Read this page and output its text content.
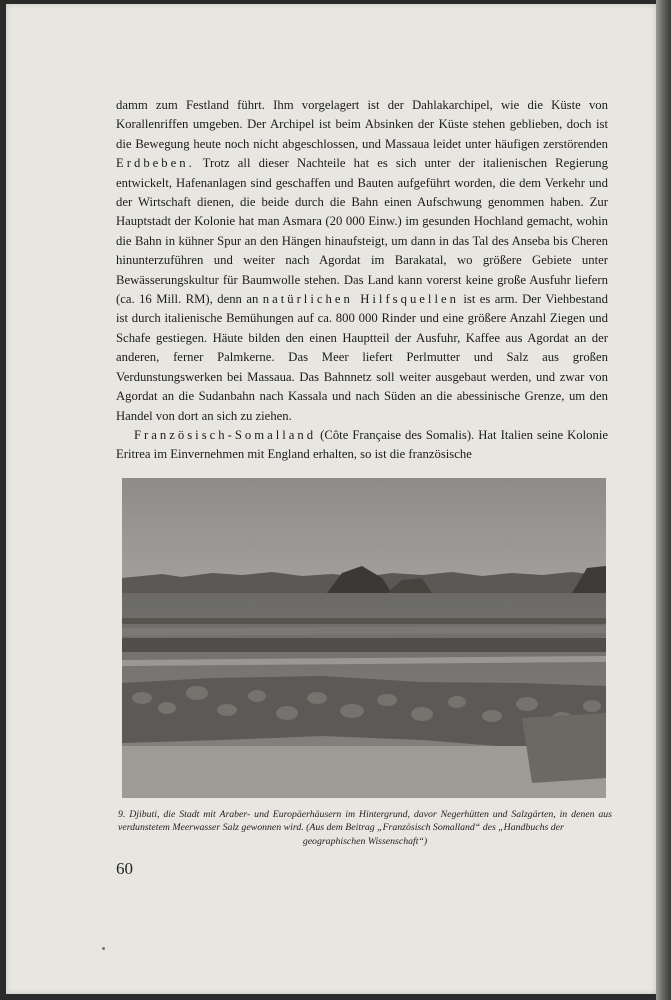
damm zum Festland führt. Ihm vorgelagert ist der Dahlakarchipel, wie die Küste von Korallenriffen umgeben. Der Archipel ist beim Absinken der Küste stehen geblieben, doch ist die Bewegung heute noch nicht abgeschlossen, und Massaua leidet unter häufigen zerstörenden Erdbeben. Trotz all dieser Nachteile hat es sich unter der italienischen Regierung entwickelt, Hafenanlagen sind geschaffen und Bauten aufgeführt worden, die dem Verkehr und der Wirtschaft dienen, die beide durch die Bahn einen Aufschwung genommen haben. Zur Hauptstadt der Kolonie hat man Asmara (20 000 Einw.) im gesunden Hochland gemacht, wohin die Bahn in kühner Spur an den Hängen hinaufsteigt, um dann in das Tal des Anseba bis Cheren hinunterzuführen und weiter nach Agordat im Barakatal, wo größere Gebiete unter Bewässerungskultur für Baumwolle stehen. Das Land kann vorerst keine große Ausfuhr liefern (ca. 16 Mill. RM), denn an natürlichen Hilfsquellen ist es arm. Der Viehbestand ist durch italienische Bemühungen auf ca. 800 000 Rinder und eine größere Anzahl Ziegen und Schafe gestiegen. Häute bilden den einen Hauptteil der Ausfuhr, Kaffee aus Agordat an der anderen, ferner Palmkerne. Das Meer liefert Perlmutter und Salz aus großen Verdunstungswerken bei Massaua. Das Bahnnetz soll weiter ausgebaut werden, und zwar von Agordat an die Sudanbahn nach Kassala und nach Süden an die abessinische Grenze, um den Handel von dort an sich zu ziehen.

Französisch-Somalland (Côte Française des Somalis). Hat Italien seine Kolonie Eritrea im Einvernehmen mit England erhalten, so ist die französische

9. Djibuti, die Stadt mit Araber- und Europäerhäusern im Hintergrund, davor Negerhütten und Salzgärten, in denen aus verdunstetem Meerwasser Salz gewonnen wird. (Aus dem Beitrag „Französisch Somalland“ des „Handbuchs der
geographischen Wissenschaft“)
60
